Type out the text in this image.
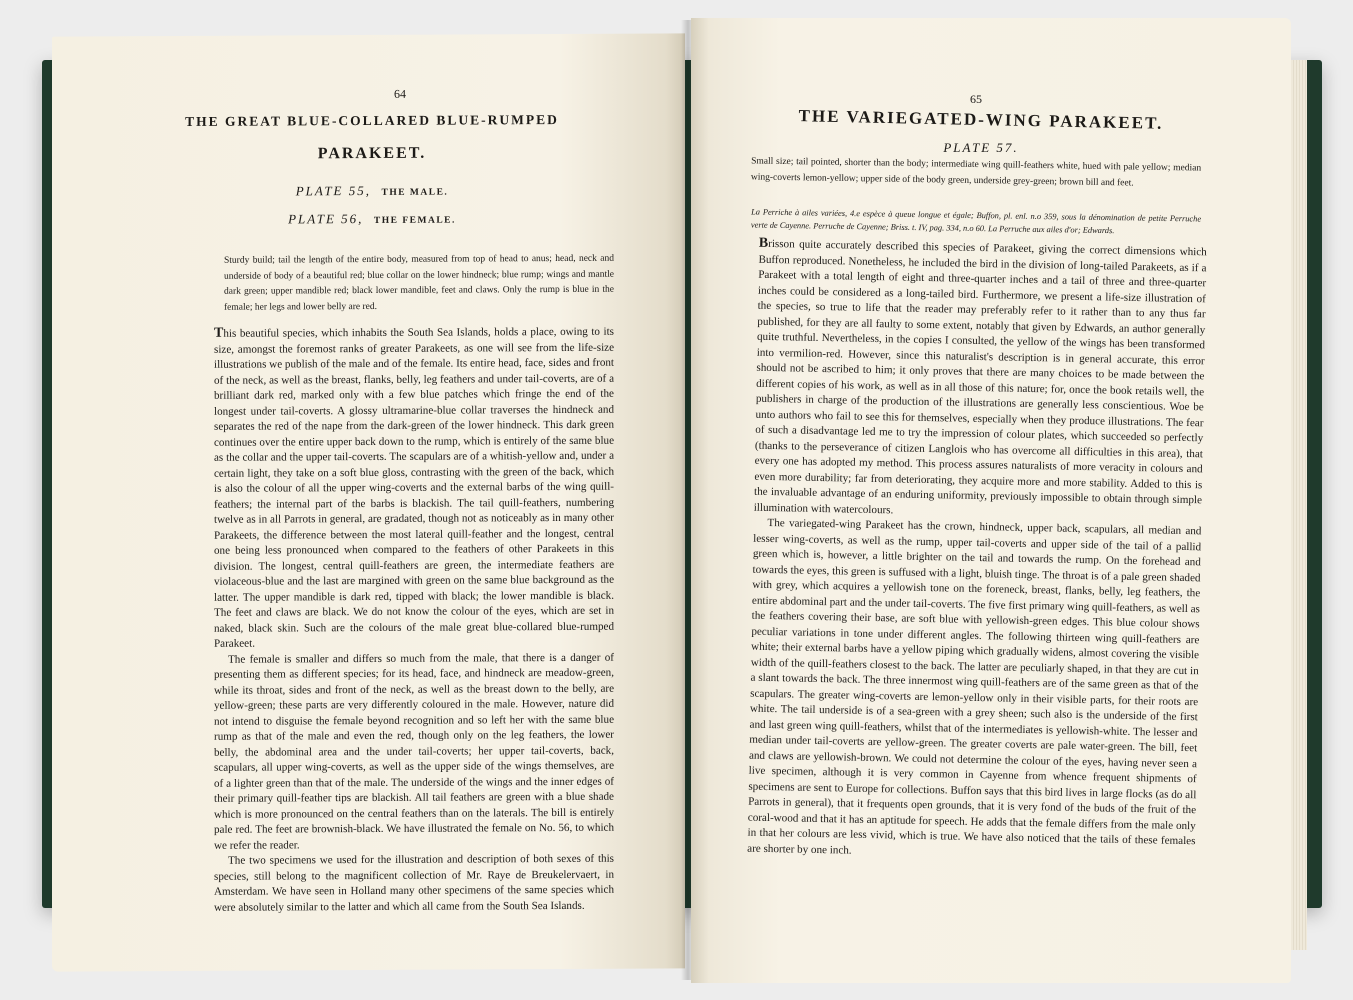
64
THE GREAT BLUE-COLLARED BLUE-RUMPED
PARAKEET.
PLATE 55, THE MALE.
PLATE 56, THE FEMALE.
Sturdy build; tail the length of the entire body, measured from top of head to anus; head, neck and underside of body of a beautiful red; blue collar on the lower hindneck; blue rump; wings and mantle dark green; upper mandible red; black lower mandible, feet and claws. Only the rump is blue in the female; her legs and lower belly are red.

This beautiful species, which inhabits the South Sea Islands, holds a place, owing to its size, amongst the foremost ranks of greater Parakeets, as one will see from the life-size illustrations we publish of the male and of the female. Its entire head, face, sides and front of the neck, as well as the breast, flanks, belly, leg feathers and under tail-coverts, are of a brilliant dark red, marked only with a few blue patches which fringe the end of the longest under tail-coverts. A glossy ultramarine-blue collar traverses the hindneck and separates the red of the nape from the dark-green of the lower hindneck. This dark green continues over the entire upper back down to the rump, which is entirely of the same blue as the collar and the upper tail-coverts. The scapulars are of a whitish-yellow and, under a certain light, they take on a soft blue gloss, contrasting with the green of the back, which is also the colour of all the upper wing-coverts and the external barbs of the wing quill-feathers; the internal part of the barbs is blackish. The tail quill-feathers, numbering twelve as in all Parrots in general, are gradated, though not as noticeably as in many other Parakeets, the difference between the most lateral quill-feather and the longest, central one being less pronounced when compared to the feathers of other Parakeets in this division. The longest, central quill-feathers are green, the intermediate feathers are violaceous-blue and the last are margined with green on the same blue background as the latter. The upper mandible is dark red, tipped with black; the lower mandible is black. The feet and claws are black. We do not know the colour of the eyes, which are set in naked, black skin. Such are the colours of the male great blue-collared blue-rumped Parakeet.

The female is smaller and differs so much from the male, that there is a danger of presenting them as different species; for its head, face, and hindneck are meadow-green, while its throat, sides and front of the neck, as well as the breast down to the belly, are yellow-green; these parts are very differently coloured in the male. However, nature did not intend to disguise the female beyond recognition and so left her with the same blue rump as that of the male and even the red, though only on the leg feathers, the lower belly, the abdominal area and the under tail-coverts; her upper tail-coverts, back, scapulars, all upper wing-coverts, as well as the upper side of the wings themselves, are of a lighter green than that of the male. The underside of the wings and the inner edges of their primary quill-feather tips are blackish. All tail feathers are green with a blue shade which is more pronounced on the central feathers than on the laterals. The bill is entirely pale red. The feet are brownish-black. We have illustrated the female on No. 56, to which we refer the reader.

The two specimens we used for the illustration and description of both sexes of this species, still belong to the magnificent collection of Mr. Raye de Breukelervaert, in Amsterdam. We have seen in Holland many other specimens of the same species which were absolutely similar to the latter and which all came from the South Sea Islands.

65
THE VARIEGATED-WING PARAKEET.
PLATE 57.
Small size; tail pointed, shorter than the body; intermediate wing quill-feathers white, hued with pale yellow; median wing-coverts lemon-yellow; upper side of the body green, underside grey-green; brown bill and feet.
La Perriche à ailes variées, 4.e espèce à queue longue et égale; Buffon, pl. enl. n.o 359, sous la dénomination de petite Perruche verte de Cayenne. Perruche de Cayenne; Briss. t. IV, pag. 334, n.o 60. La Perruche aux ailes d'or; Edwards.

Brisson quite accurately described this species of Parakeet, giving the correct dimensions which Buffon reproduced. Nonetheless, he included the bird in the division of long-tailed Parakeets, as if a Parakeet with a total length of eight and three-quarter inches and a tail of three and three-quarter inches could be considered as a long-tailed bird. Furthermore, we present a life-size illustration of the species, so true to life that the reader may preferably refer to it rather than to any thus far published, for they are all faulty to some extent, notably that given by Edwards, an author generally quite truthful. Nevertheless, in the copies I consulted, the yellow of the wings has been transformed into vermilion-red. However, since this naturalist's description is in general accurate, this error should not be ascribed to him; it only proves that there are many choices to be made between the different copies of his work, as well as in all those of this nature; for, once the book retails well, the publishers in charge of the production of the illustrations are generally less conscientious. Woe be unto authors who fail to see this for themselves, especially when they produce illustrations. The fear of such a disadvantage led me to try the impression of colour plates, which succeeded so perfectly (thanks to the perseverance of citizen Langlois who has overcome all difficulties in this area), that every one has adopted my method. This process assures naturalists of more veracity in colours and even more durability; far from deteriorating, they acquire more and more stability. Added to this is the invaluable advantage of an enduring uniformity, previously impossible to obtain through simple illumination with watercolours.

The variegated-wing Parakeet has the crown, hindneck, upper back, scapulars, all median and lesser wing-coverts, as well as the rump, upper tail-coverts and upper side of the tail of a pallid green which is, however, a little brighter on the tail and towards the rump. On the forehead and towards the eyes, this green is suffused with a light, bluish tinge. The throat is of a pale green shaded with grey, which acquires a yellowish tone on the foreneck, breast, flanks, belly, leg feathers, the entire abdominal part and the under tail-coverts. The five first primary wing quill-feathers, as well as the feathers covering their base, are soft blue with yellowish-green edges. This blue colour shows peculiar variations in tone under different angles. The following thirteen wing quill-feathers are white; their external barbs have a yellow piping which gradually widens, almost covering the visible width of the quill-feathers closest to the back. The latter are peculiarly shaped, in that they are cut in a slant towards the back. The three innermost wing quill-feathers are of the same green as that of the scapulars. The greater wing-coverts are lemon-yellow only in their visible parts, for their roots are white. The tail underside is of a sea-green with a grey sheen; such also is the underside of the first and last green wing quill-feathers, whilst that of the intermediates is yellowish-white. The lesser and median under tail-coverts are yellow-green. The greater coverts are pale water-green. The bill, feet and claws are yellowish-brown. We could not determine the colour of the eyes, having never seen a live specimen, although it is very common in Cayenne from whence frequent shipments of specimens are sent to Europe for collections. Buffon says that this bird lives in large flocks (as do all Parrots in general), that it frequents open grounds, that it is very fond of the buds of the fruit of the coral-wood and that it has an aptitude for speech. He adds that the female differs from the male only in that her colours are less vivid, which is true. We have also noticed that the tails of these females are shorter by one inch.
